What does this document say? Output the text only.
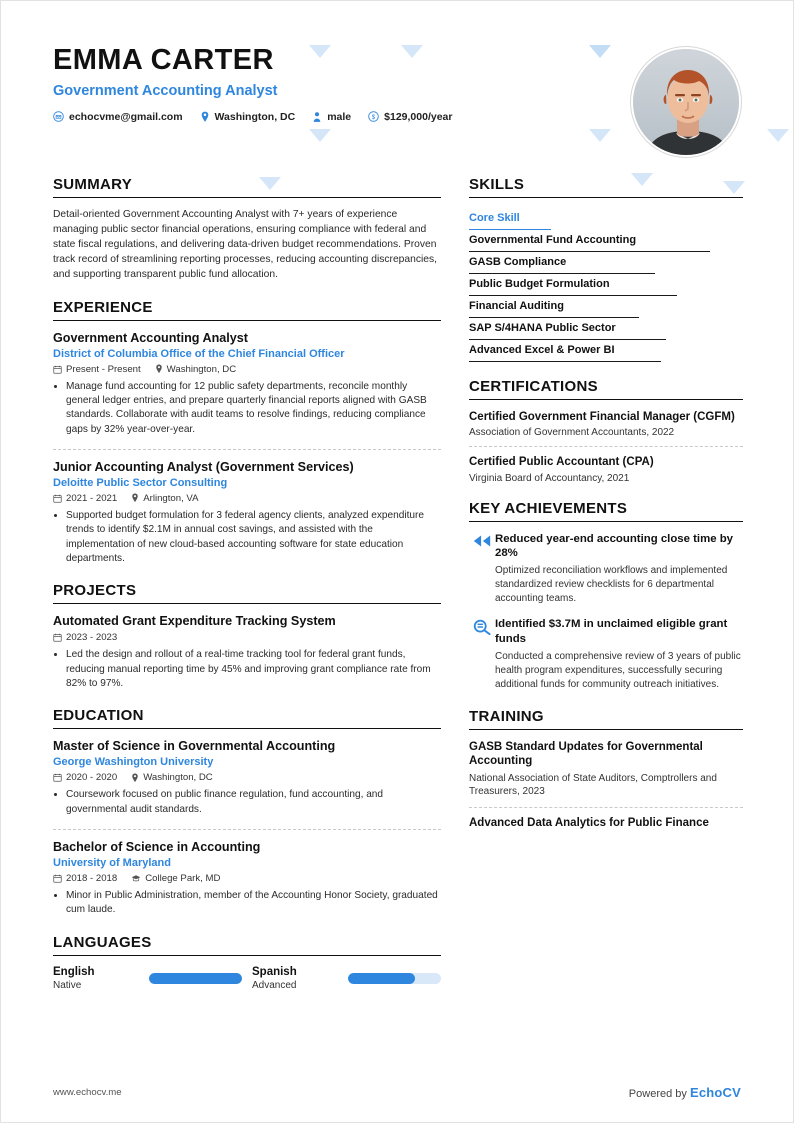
EMMA CARTER
Government Accounting Analyst
echocvme@gmail.com	Washington, DC	male $ $129,000/year
SUMMARY
Detail-oriented Government Accounting Analyst with 7+ years of experience managing public sector financial operations, ensuring compliance with federal and state fiscal regulations, and delivering data-driven budget recommendations. Proven track record of streamlining reporting processes, reducing accounting discrepancies, and supporting transparent public fund allocation.
EXPERIENCE
Government Accounting Analyst
District of Columbia Office of the Chief Financial Officer
Present - Present	Washington, DC
• Manage fund accounting for 12 public safety departments, reconcile monthly general ledger entries, and prepare quarterly financial reports aligned with GASB standards. Collaborate with audit teams to resolve findings, reducing compliance gaps by 32% year-over-year.
Junior Accounting Analyst (Government Services)
Deloitte Public Sector Consulting
2021 - 2021	Arlington, VA
• Supported budget formulation for 3 federal agency clients, analyzed expenditure trends to identify $2.1M in annual cost savings, and assisted with the implementation of new cloud-based accounting software for state education departments.
PROJECTS
Automated Grant Expenditure Tracking System
2023 - 2023
• Led the design and rollout of a real-time tracking tool for federal grant funds, reducing manual reporting time by 45% and improving grant compliance rate from 82% to 97%.
EDUCATION
Master of Science in Governmental Accounting
George Washington University
2020 - 2020	Washington, DC
• Coursework focused on public finance regulation, fund accounting, and governmental audit standards.
Bachelor of Science in Accounting
University of Maryland
2018 - 2018	College Park, MD
• Minor in Public Administration, member of the Accounting Honor Society, graduated cum laude.
LANGUAGES
English
Native
Spanish
Advanced
SKILLS
Core Skill
Governmental Fund Accounting
GASB Compliance
Public Budget Formulation
Financial Auditing
SAP S/4HANA Public Sector
Advanced Excel & Power BI
CERTIFICATIONS
Certified Government Financial Manager (CGFM)
Association of Government Accountants, 2022
Certified Public Accountant (CPA)
Virginia Board of Accountancy, 2021
KEY ACHIEVEMENTS
Reduced year-end accounting close time by 28%
Optimized reconciliation workflows and implemented standardized review checklists for 6 departmental accounting teams.
Identified $3.7M in unclaimed eligible grant funds
Conducted a comprehensive review of 3 years of public health program expenditures, successfully securing additional funds for community outreach initiatives.
TRAINING
GASB Standard Updates for Governmental Accounting
National Association of State Auditors, Comptrollers and Treasurers, 2023
Advanced Data Analytics for Public Finance
www.echocv.me	Powered by EchoCV
